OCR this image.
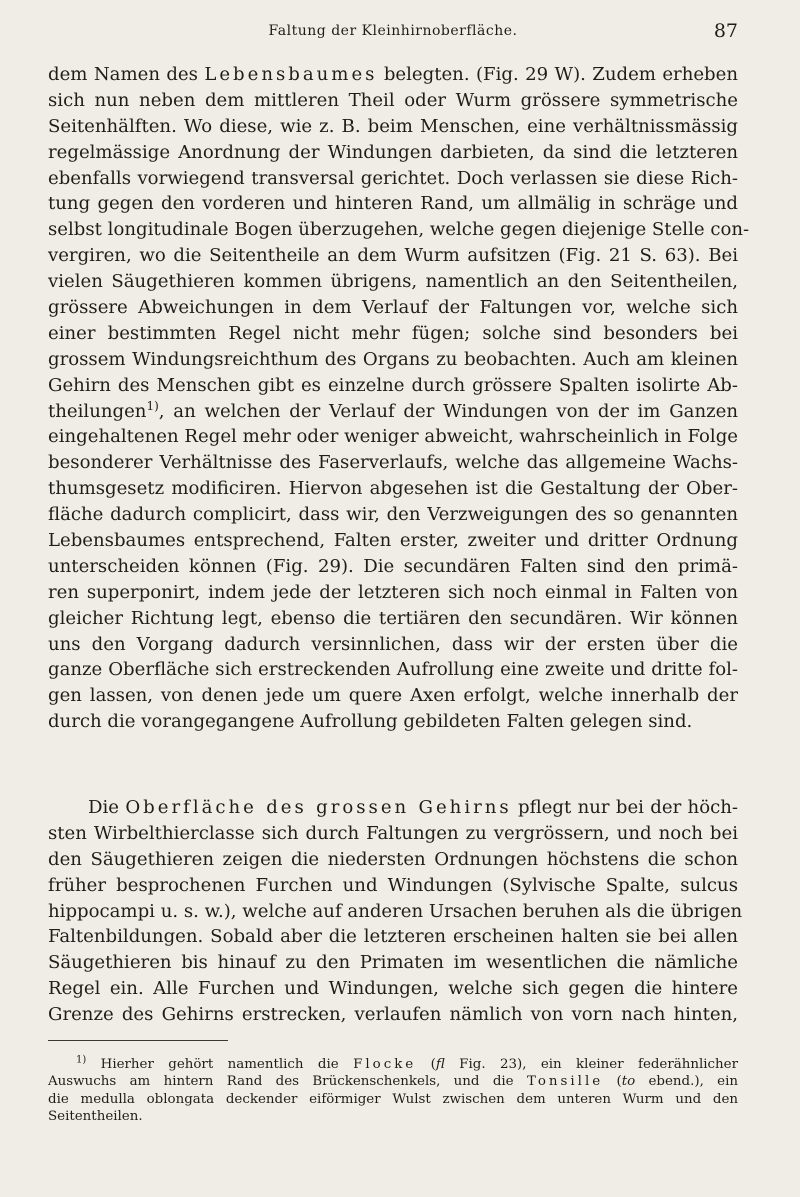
Faltung der Kleinhirnoberfläche.	87
dem Namen des Lebensbaumes belegten. (Fig. 29 W). Zudem erheben
sich nun neben dem mittleren Theil oder Wurm grössere symmetrische
Seitenhälften. Wo diese, wie z. B. beim Menschen, eine verhältnissmässig
regelmässige Anordnung der Windungen darbieten, da sind die letzteren
ebenfalls vorwiegend transversal gerichtet. Doch verlassen sie diese Rich-
tung gegen den vorderen und hinteren Rand, um allmälig in schräge und
selbst longitudinale Bogen überzugehen, welche gegen diejenige Stelle con-
vergiren, wo die Seitentheile an dem Wurm aufsitzen (Fig. 21 S. 63). Bei
vielen Säugethieren kommen übrigens, namentlich an den Seitentheilen,
grössere Abweichungen in dem Verlauf der Faltungen vor, welche sich
einer bestimmten Regel nicht mehr fügen; solche sind besonders bei
grossem Windungsreichthum des Organs zu beobachten. Auch am kleinen
Gehirn des Menschen gibt es einzelne durch grössere Spalten isolirte Ab-
theilungen$^{1)}$, an welchen der Verlauf der Windungen von der im Ganzen
eingehaltenen Regel mehr oder weniger abweicht, wahrscheinlich in Folge
besonderer Verhältnisse des Faserverlaufs, welche das allgemeine Wachs-
thumsgesetz modificiren. Hiervon abgesehen ist die Gestaltung der Ober-
fläche dadurch complicirt, dass wir, den Verzweigungen des so genannten
Lebensbaumes entsprechend, Falten erster, zweiter und dritter Ordnung
unterscheiden können (Fig. 29). Die secundären Falten sind den primä-
ren superponirt, indem jede der letzteren sich noch einmal in Falten von
gleicher Richtung legt, ebenso die tertiären den secundären. Wir können
uns den Vorgang dadurch versinnlichen, dass wir der ersten über die
ganze Oberfläche sich erstreckenden Aufrollung eine zweite und dritte fol-
gen lassen, von denen jede um quere Axen erfolgt, welche innerhalb der
durch die vorangegangene Aufrollung gebildeten Falten gelegen sind.
Die Oberfläche des grossen Gehirns pflegt nur bei der höch-
sten Wirbelthierclasse sich durch Faltungen zu vergrössern, und noch bei
den Säugethieren zeigen die niedersten Ordnungen höchstens die schon
früher besprochenen Furchen und Windungen (Sylvische Spalte, sulcus
hippocampi u. s. w.), welche auf anderen Ursachen beruhen als die übrigen
Faltenbildungen. Sobald aber die letzteren erscheinen halten sie bei allen
Säugethieren bis hinauf zu den Primaten im wesentlichen die nämliche
Regel ein. Alle Furchen und Windungen, welche sich gegen die hintere
Grenze des Gehirns erstrecken, verlaufen nämlich von vorn nach hinten,
$^{1)}$ Hierher gehört namentlich die Flocke (fl Fig. 23), ein kleiner federähnlicher
Auswuchs am hintern Rand des Brückenschenkels, und die Tonsille (to ebend.), ein
die medulla oblongata deckender eiförmiger Wulst zwischen dem unteren Wurm und den
Seitentheilen.
